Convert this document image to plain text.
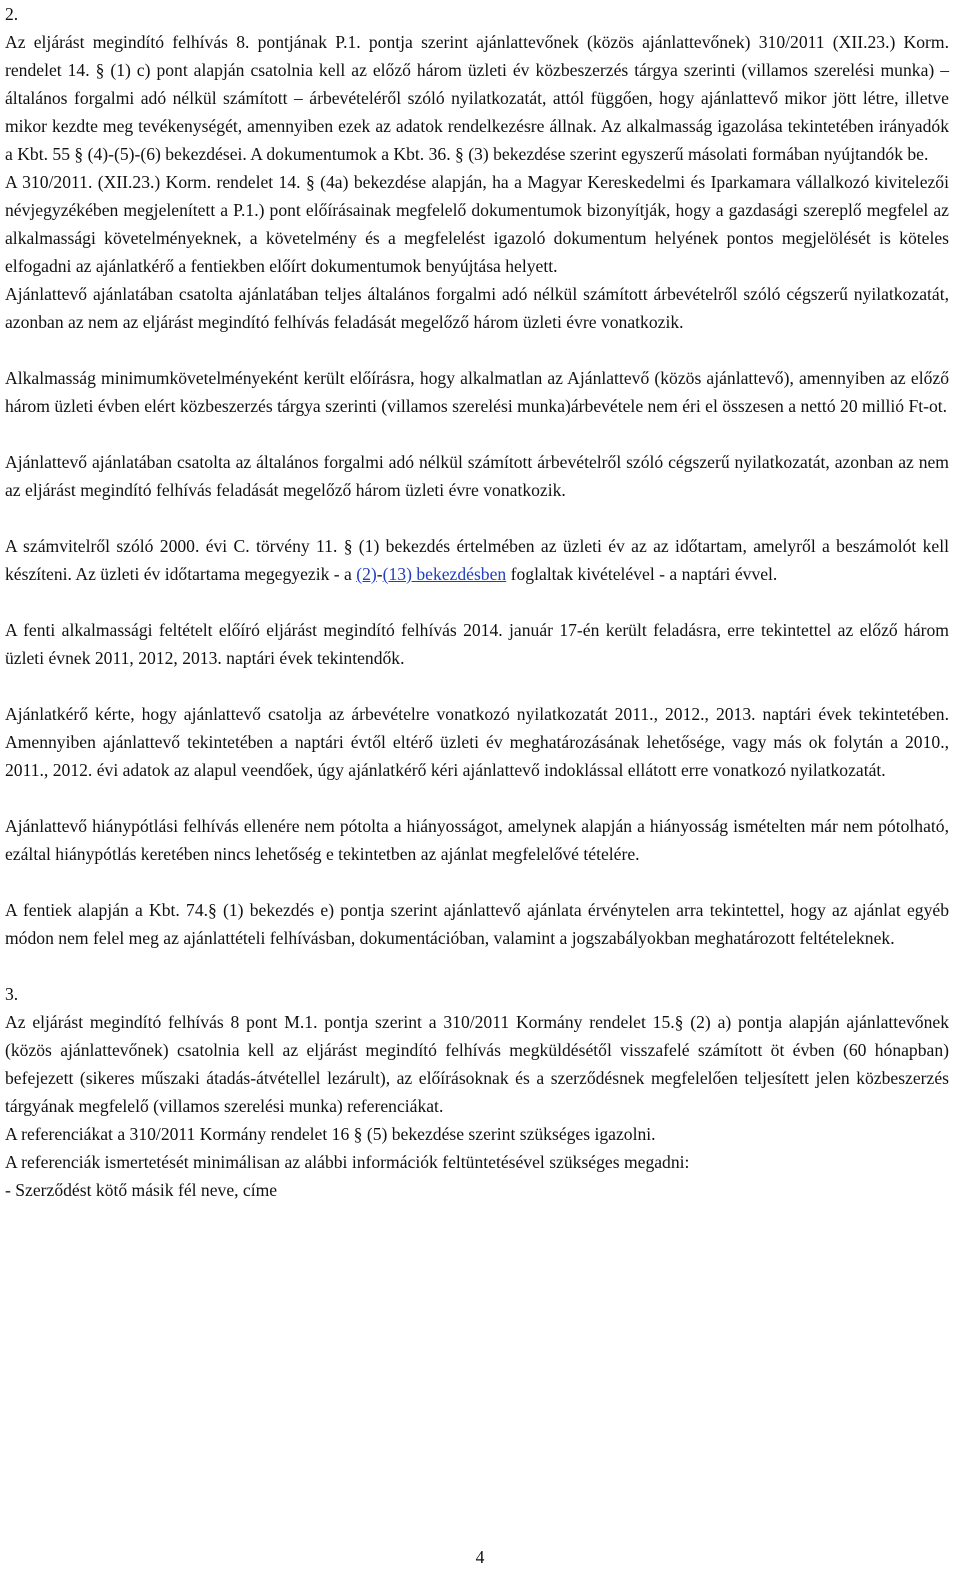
2.

Az eljárást megindító felhívás 8. pontjának P.1. pontja szerint ajánlattevőnek (közös ajánlattevőnek) 310/2011 (XII.23.) Korm. rendelet 14. § (1) c) pont alapján csatolnia kell az előző három üzleti év közbeszerzés tárgya szerinti (villamos szerelési munka) – általános forgalmi adó nélkül számított – árbevételéről szóló nyilatkozatát, attól függően, hogy ajánlattevő mikor jött létre, illetve mikor kezdte meg tevékenységét, amennyiben ezek az adatok rendelkezésre állnak. Az alkalmasság igazolása tekintetében irányadók a Kbt. 55 § (4)-(5)-(6) bekezdései. A dokumentumok a Kbt. 36. § (3) bekezdése szerint egyszerű másolati formában nyújtandók be.

A 310/2011. (XII.23.) Korm. rendelet 14. § (4a) bekezdése alapján, ha a Magyar Kereskedelmi és Iparkamara vállalkozó kivitelezői névjegyzékében megjelenített a P.1.) pont előírásainak megfelelő dokumentumok bizonyítják, hogy a gazdasági szereplő megfelel az alkalmassági követelményeknek, a követelmény és a megfelelést igazoló dokumentum helyének pontos megjelölését is köteles elfogadni az ajánlatkérő a fentiekben előírt dokumentumok benyújtása helyett.

Ajánlattevő ajánlatában csatolta ajánlatában teljes általános forgalmi adó nélkül számított árbevételről szóló cégszerű nyilatkozatát, azonban az nem az eljárást megindító felhívás feladását megelőző három üzleti évre vonatkozik.

Alkalmasság minimumkövetelményeként került előírásra, hogy alkalmatlan az Ajánlattevő (közös ajánlattevő), amennyiben az előző három üzleti évben elért közbeszerzés tárgya szerinti (villamos szerelési munka)árbevétele nem éri el összesen a nettó 20 millió Ft-ot.

Ajánlattevő ajánlatában csatolta az általános forgalmi adó nélkül számított árbevételről szóló cégszerű nyilatkozatát, azonban az nem az eljárást megindító felhívás feladását megelőző három üzleti évre vonatkozik.

A számvitelről szóló 2000. évi C. törvény 11. § (1) bekezdés értelmében az üzleti év az az időtartam, amelyről a beszámolót kell készíteni. Az üzleti év időtartama megegyezik - a (2)-(13) bekezdésben foglaltak kivételével - a naptári évvel.

A fenti alkalmassági feltételt előíró eljárást megindító felhívás 2014. január 17-én került feladásra, erre tekintettel az előző három üzleti évnek 2011, 2012, 2013. naptári évek tekintendők.

Ajánlatkérő kérte, hogy ajánlattevő csatolja az árbevételre vonatkozó nyilatkozatát 2011., 2012., 2013. naptári évek tekintetében. Amennyiben ajánlattevő tekintetében a naptári évtől eltérő üzleti év meghatározásának lehetősége, vagy más ok folytán a 2010., 2011., 2012. évi adatok az alapul veendőek, úgy ajánlatkérő kéri ajánlattevő indoklással ellátott erre vonatkozó nyilatkozatát.

Ajánlattevő hiánypótlási felhívás ellenére nem pótolta a hiányosságot, amelynek alapján a hiányosság ismételten már nem pótolható, ezáltal hiánypótlás keretében nincs lehetőség e tekintetben az ajánlat megfelelővé tételére.

A fentiek alapján a Kbt. 74.§ (1) bekezdés e) pontja szerint ajánlattevő ajánlata érvénytelen arra tekintettel, hogy az ajánlat egyéb módon nem felel meg az ajánlattételi felhívásban, dokumentációban, valamint a jogszabályokban meghatározott feltételeknek.

3.

Az eljárást megindító felhívás 8 pont M.1. pontja szerint a 310/2011 Kormány rendelet 15.§ (2) a) pontja alapján ajánlattevőnek (közös ajánlattevőnek) csatolnia kell az eljárást megindító felhívás megküldésétől visszafelé számított öt évben (60 hónapban) befejezett (sikeres műszaki átadás-átvétellel lezárult), az előírásoknak és a szerződésnek megfelelően teljesített jelen közbeszerzés tárgyának megfelelő (villamos szerelési munka) referenciákat.

A referenciákat a 310/2011 Kormány rendelet 16 § (5) bekezdése szerint szükséges igazolni.

A referenciák ismertetését minimálisan az alábbi információk feltüntetésével szükséges megadni:

- Szerződést kötő másik fél neve, címe

4
